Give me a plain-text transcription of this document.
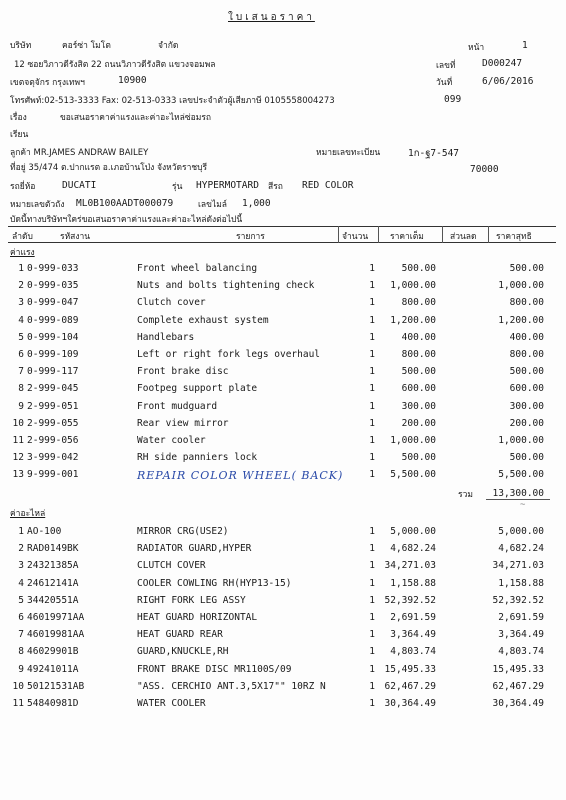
ใบเสนอราคา
บริษัท	คอร์ซ่า โมโต	จำกัด	หน้า	1
12 ซอยวิภาวดีรังสิต 22 ถนนวิภาวดีรังสิต แขวงจอมพล	เลขที่	D000247
เขตจตุจักร กรุงเทพฯ	10900	วันที่	6/06/2016
โทรศัพท์:02-513-3333 Fax: 02-513-0333 เลขประจำตัวผู้เสียภาษี 0105558004273	099
เรื่อง	ขอเสนอราคาค่าแรงและค่าอะไหล่ซ่อมรถ
เรียน
ลูกค้า MR.JAMES ANDRAW BAILEY	หมายเลขทะเบียน	1ก-ฐ7-547
ที่อยู่ 35/474 ต.ปากแรต อ.เภอบ้านโป่ง จังหวัดราชบุรี	70000
รถยี่ห้อ	DUCATI	รุ่น HYPERMOTARD สีรถ RED COLOR
หมายเลขตัวถัง ML0B100AADT000079	เลขไมล์ 1,000
บัดนี้ทางบริษัทฯใคร่ขอเสนอราคาค่าแรงและค่าอะไหล่ดังต่อไปนี้
ลำดับ	รหัสงาน	รายการ	จำนวน	ราคาเต็ม	ส่วนลด ราคาสุทธิ
ค่าแรง
1 0-999-033	Front wheel balancing	1	500.00	500.00
2 0-999-035	Nuts and bolts tightening check	1	1,000.00	1,000.00
3 0-999-047	Clutch cover	1	800.00	800.00
4 0-999-089	Complete exhaust system	1	1,200.00	1,200.00
5 0-999-104	Handlebars	1	400.00	400.00
6 0-999-109	Left or right fork legs overhaul	1	800.00	800.00
7 0-999-117	Front brake disc	1	500.00	500.00
8 2-999-045	Footpeg support plate	1	600.00	600.00
9 2-999-051	Front mudguard	1	300.00	300.00
10 2-999-055	Rear view mirror	1	200.00	200.00
11 2-999-056	Water cooler	1	1,000.00	1,000.00
12 3-999-042	RH side panniers lock	1	500.00	500.00
13 9-999-001	REPAIR COLOR WHEEL( BACK)	1	5,500.00	5,500.00
รวม	13,300.00
~
ค่าอะไหล่
1 AO-100	MIRROR CRG(USE2)	1	5,000.00	5,000.00
2 RAD0149BK	RADIATOR GUARD,HYPER	1	4,682.24	4,682.24
3 24321385A	CLUTCH COVER	1	34,271.03	34,271.03
4 24612141A	COOLER COWLING RH(HYP13-15)	1	1,158.88	1,158.88
5 34420551A	RIGHT FORK LEG ASSY	1	52,392.52	52,392.52
6 46019971AA	HEAT GUARD HORIZONTAL	1	2,691.59	2,691.59
7 46019981AA	HEAT GUARD REAR	1	3,364.49	3,364.49
8 46029901B	GUARD,KNUCKLE,RH	1	4,803.74	4,803.74
9 49241011A	FRONT BRAKE DISC MR1100S/09	1	15,495.33	15,495.33
10 50121531AB	"ASS. CERCHIO ANT.3,5X17"" 10RZ N	1	62,467.29	62,467.29
11 54840981D	WATER COOLER	1	30,364.49	30,364.49
